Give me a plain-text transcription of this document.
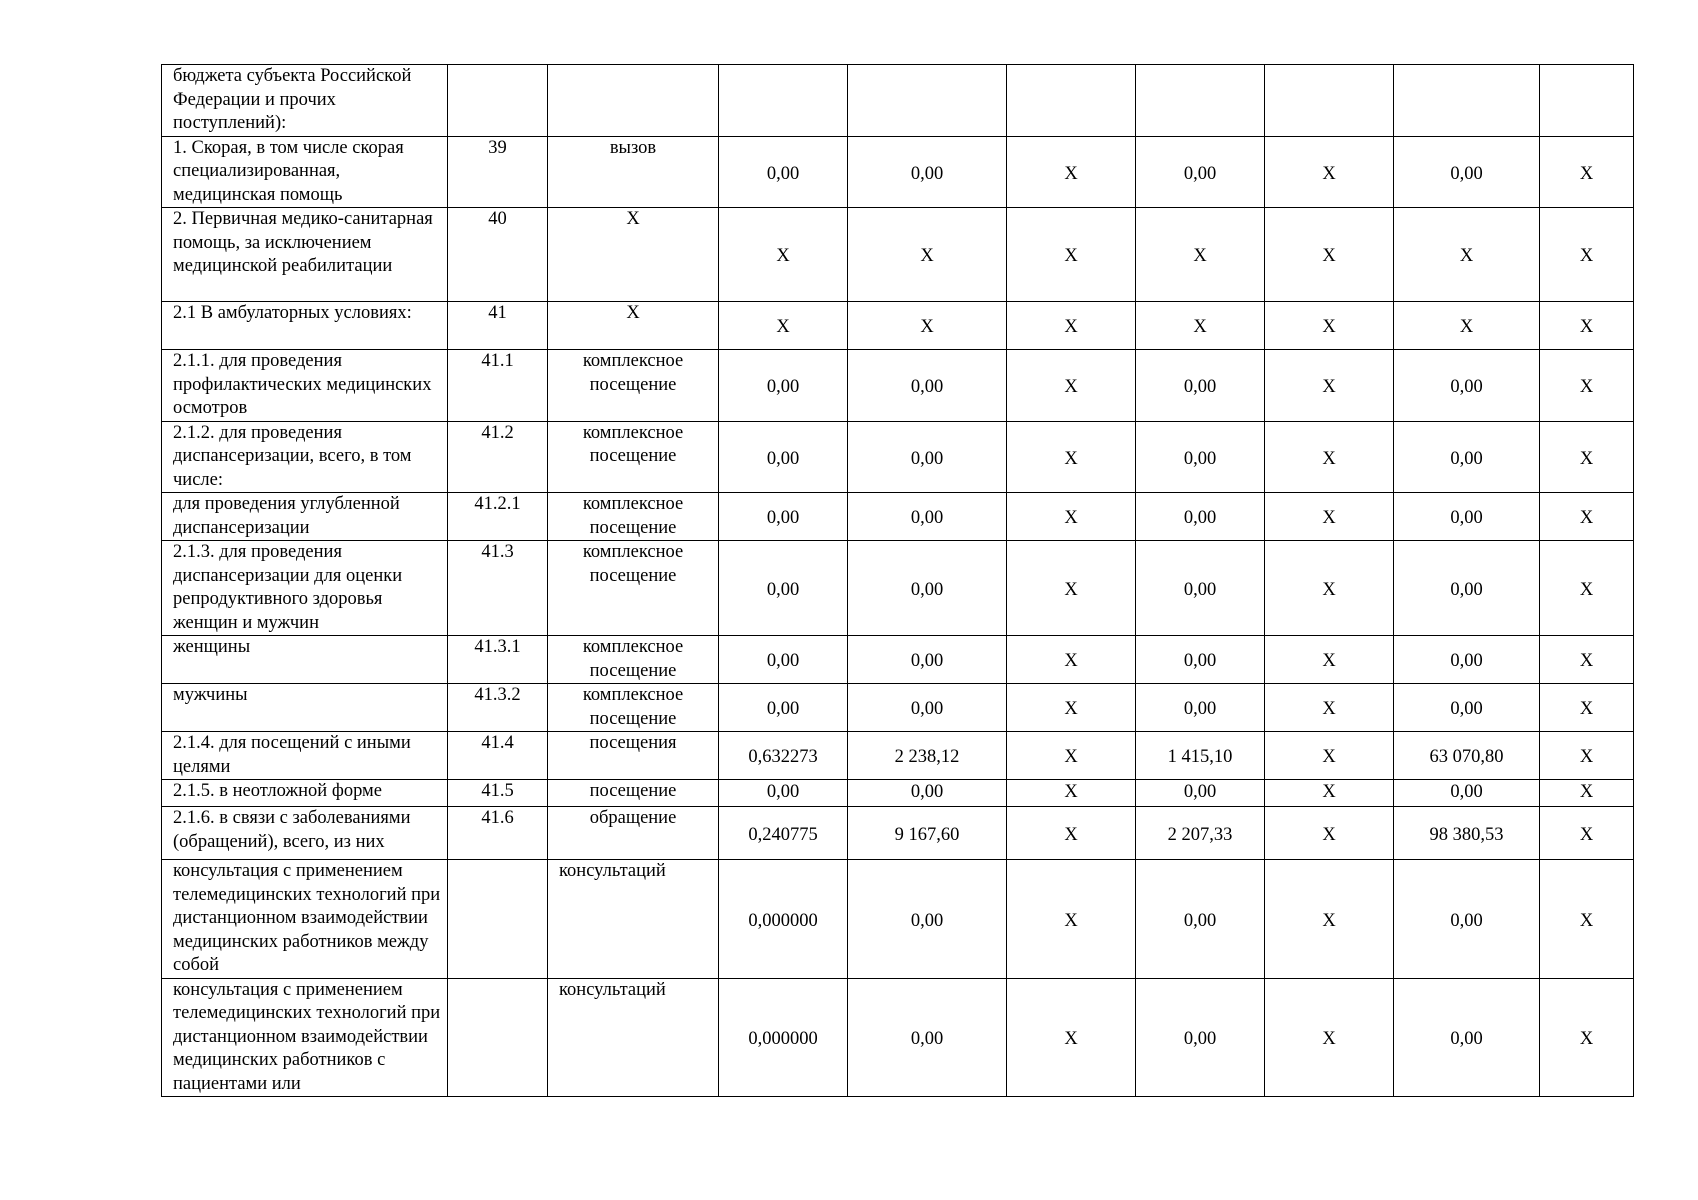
бюджета субъекта Российской Федерации и прочих поступлений):									

1. Скорая, в том числе скорая специализированная, медицинская помощь	39	вызов	0,00	0,00	X	0,00	X	0,00	X

2. Первичная медико-санитарная помощь, за исключением медицинской реабилитации	40	X	X	X	X	X	X	X	X

2.1 В амбулаторных условиях:	41	X	X	X	X	X	X	X	X

2.1.1. для проведения профилактических медицинских осмотров	41.1	комплексное посещение	0,00	0,00	X	0,00	X	0,00	X

2.1.2. для проведения диспансеризации, всего, в том числе:	41.2	комплексное посещение	0,00	0,00	X	0,00	X	0,00	X

для проведения углубленной диспансеризации	41.2.1	комплексное посещение	0,00	0,00	X	0,00	X	0,00	X

2.1.3. для проведения диспансеризации для оценки репродуктивного здоровья женщин и мужчин	41.3	комплексное посещение	0,00	0,00	X	0,00	X	0,00	X

женщины	41.3.1	комплексное посещение	0,00	0,00	X	0,00	X	0,00	X

мужчины	41.3.2	комплексное посещение	0,00	0,00	X	0,00	X	0,00	X

2.1.4. для посещений с иными целями	41.4	посещения	0,632273	2 238,12	X	1 415,10	X	63 070,80	X

2.1.5. в неотложной форме	41.5	посещение	0,00	0,00	X	0,00	X	0,00	X

2.1.6. в связи с заболеваниями (обращений), всего, из них	41.6	обращение	0,240775	9 167,60	X	2 207,33	X	98 380,53	X

консультация с применением телемедицинских технологий при дистанционном взаимодействии медицинских работников между собой		консультаций	0,000000	0,00	X	0,00	X	0,00	X

консультация с применением телемедицинских технологий при дистанционном взаимодействии медицинских работников с пациентами или		консультаций	0,000000	0,00	X	0,00	X	0,00	X
